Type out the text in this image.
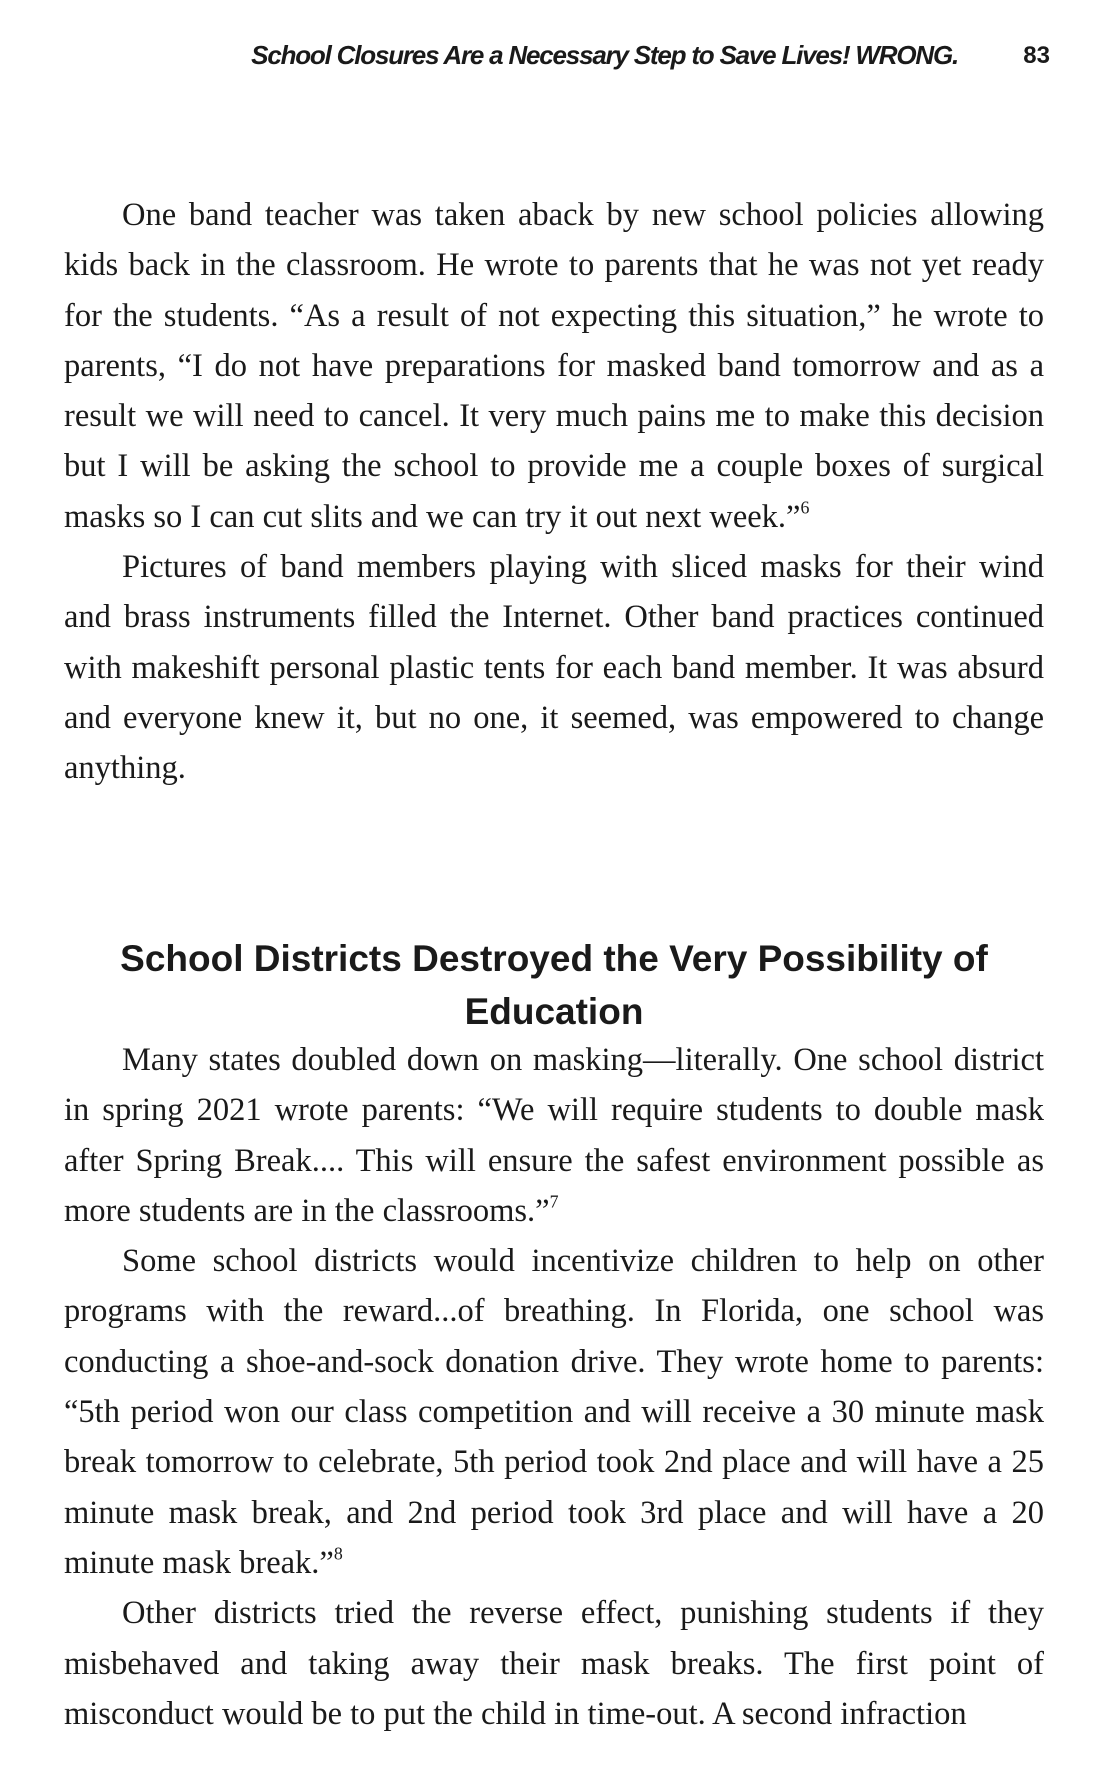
School Closures Are a Necessary Step to Save Lives! WRONG.	83

One band teacher was taken aback by new school policies allowing kids back in the classroom. He wrote to parents that he was not yet ready for the students. “As a result of not expecting this situation,” he wrote to parents, “I do not have preparations for masked band tomorrow and as a result we will need to cancel. It very much pains me to make this decision but I will be asking the school to provide me a couple boxes of surgical masks so I can cut slits and we can try it out next week.”$^6$

Pictures of band members playing with sliced masks for their wind and brass instruments filled the Internet. Other band practices continued with makeshift personal plastic tents for each band member. It was absurd and everyone knew it, but no one, it seemed, was empowered to change anything.

School Districts Destroyed the Very Possibility of Education

Many states doubled down on masking—literally. One school district in spring 2021 wrote parents: “We will require students to double mask after Spring Break.... This will ensure the safest environment possible as more students are in the classrooms.”$^7$

Some school districts would incentivize children to help on other programs with the reward...of breathing. In Florida, one school was conducting a shoe-and-sock donation drive. They wrote home to parents: “5th period won our class competition and will receive a 30 minute mask break tomorrow to celebrate, 5th period took 2nd place and will have a 25 minute mask break, and 2nd period took 3rd place and will have a 20 minute mask break.”$^8$

Other districts tried the reverse effect, punishing students if they misbehaved and taking away their mask breaks. The first point of misconduct would be to put the child in time-out. A second infraction
